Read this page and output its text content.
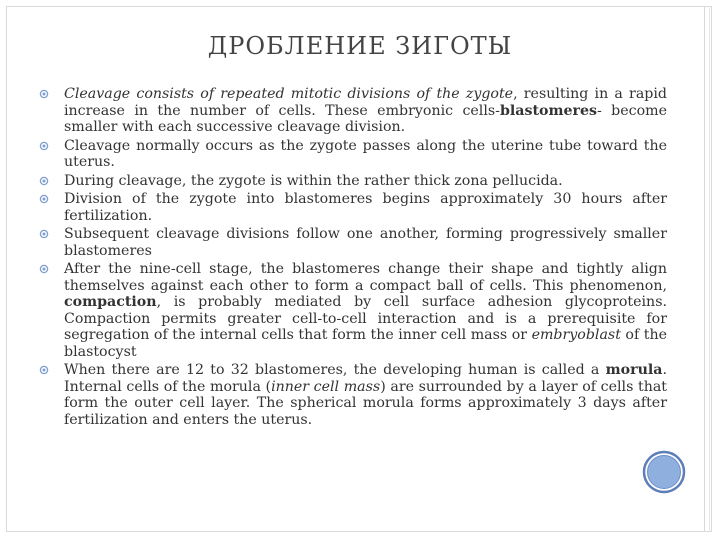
ДРОБЛЕНИЕ ЗИГОТЫ
Cleavage consists of repeated mitotic divisions of the zygote, resulting in a rapid increase in the number of cells. These embryonic cells-blastomeres- become smaller with each successive cleavage division.
Cleavage normally occurs as the zygote passes along the uterine tube toward the uterus.
During cleavage, the zygote is within the rather thick zona pellucida.
Division of the zygote into blastomeres begins approximately 30 hours after fertilization.
Subsequent cleavage divisions follow one another, forming progressively smaller blastomeres
After the nine-cell stage, the blastomeres change their shape and tightly align themselves against each other to form a compact ball of cells. This phenomenon, compaction, is probably mediated by cell surface adhesion glycoproteins. Compaction permits greater cell-to-cell interaction and is a prerequisite for segregation of the internal cells that form the inner cell mass or embryoblast of the blastocyst
When there are 12 to 32 blastomeres, the developing human is called a morula. Internal cells of the morula (inner cell mass) are surrounded by a layer of cells that form the outer cell layer. The spherical morula forms approximately 3 days after fertilization and enters the uterus.
